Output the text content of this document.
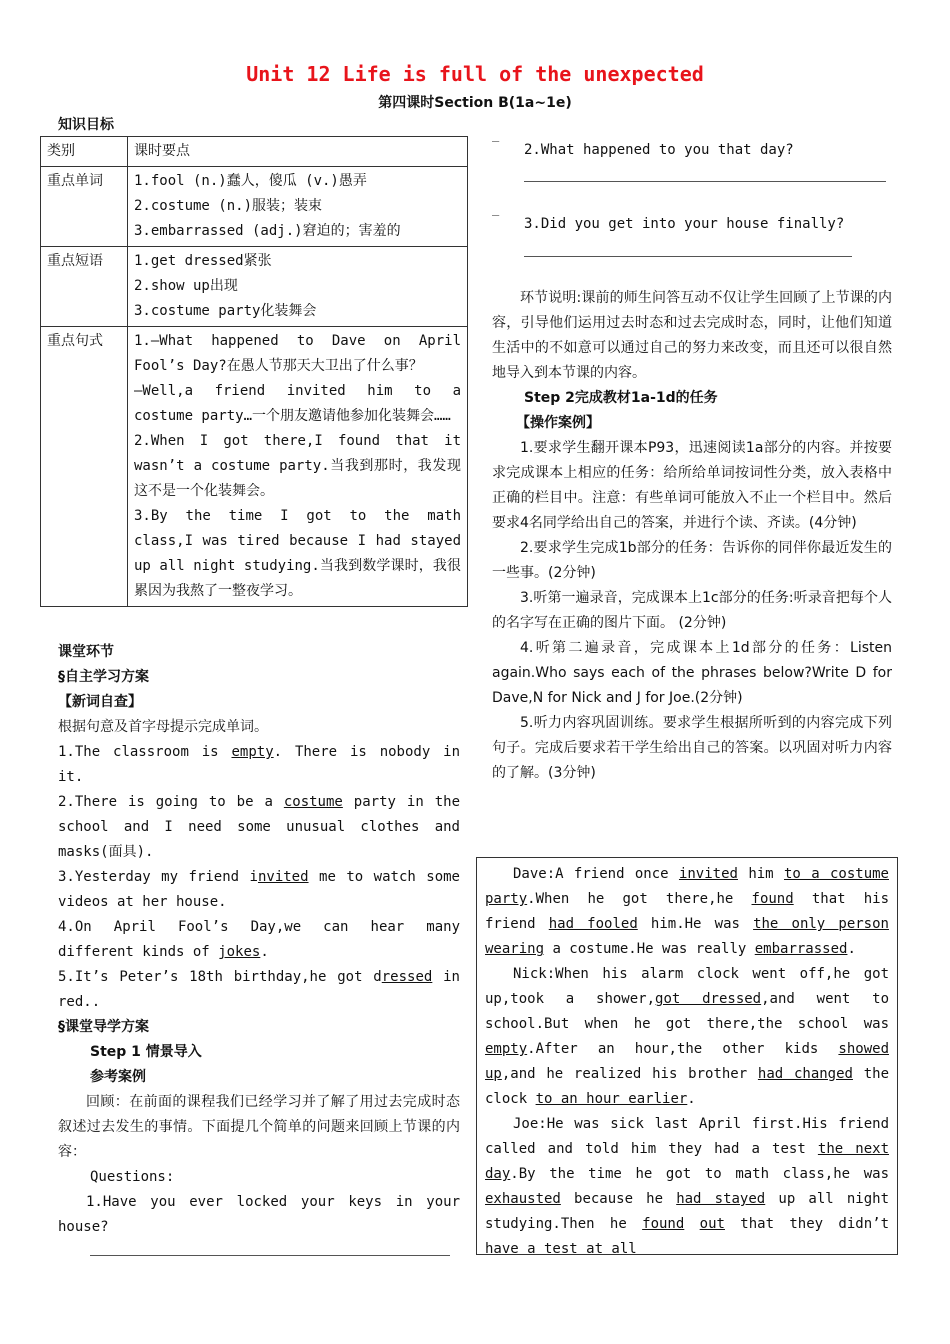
Unit 12 Life is full of the unexpected
第四课时Section B(1a~1e)
知识目标
类别	课时要点
重点单词	1.fool (n.)蠢人，傻瓜 (v.)愚弄
2.costume (n.)服装；装束
3.embarrassed (adj.)窘迫的；害羞的

重点短语	1.get dressed紧张
2.show up出现
3.costume party化装舞会

重点句式	1.—What happened to Dave on April Fool’s Day?在愚人节那天大卫出了什么事？
—Well,a friend invited him to a costume party…一个朋友邀请他参加化装舞会……
2.When I got there,I found that it wasn’t a costume party.当我到那时，我发现这不是一个化装舞会。
3.By the time I got to the math class,I was tired because I had stayed up all night studying.当我到数学课时，我很累因为我熬了一整夜学习。
课堂环节
§自主学习方案
【新词自查】
根据句意及首字母提示完成单词。
1.The classroom is empty. There is nobody in it.
2.There is going to be a costume party in the school and I need some unusual clothes and masks(面具).
3.Yesterday my friend invited me to watch some videos at her house.
4.On April Fool’s Day,we can hear many different kinds of jokes.
5.It’s Peter’s 18th birthday,he got dressed in red..
§课堂导学方案
Step 1 情景导入
参考案例
回顾：在前面的课程我们已经学习并了解了用过去完成时态叙述过去发生的事情。下面提几个简单的问题来回顾上节课的内容：
Questions:
1.Have you ever locked your keys in your house?
_
2.What happened to you that day?
_
3.Did you get into your house finally?
环节说明:课前的师生问答互动不仅让学生回顾了上节课的内容，引导他们运用过去时态和过去完成时态，同时，让他们知道生活中的不如意可以通过自己的努力来改变，而且还可以很自然地导入到本节课的内容。
Step 2完成教材1a-1d的任务
【操作案例】
1.要求学生翻开课本P93，迅速阅读1a部分的内容。并按要求完成课本上相应的任务：给所给单词按词性分类，放入表格中正确的栏目中。注意：有些单词可能放入不止一个栏目中。然后要求4名同学给出自己的答案，并进行个读、齐读。(4分钟)
2.要求学生完成1b部分的任务：告诉你的同伴你最近发生的一些事。(2分钟)
3.听第一遍录音，完成课本上1c部分的任务:听录音把每个人的名字写在正确的图片下面。 (2分钟)
4.听第二遍录音，完成课本上1d部分的任务：Listen again.Who says each of the phrases below?Write D for Dave,N for Nick and J for Joe.(2分钟)
5.听力内容巩固训练。要求学生根据所听到的内容完成下列句子。完成后要求若干学生给出自己的答案。以巩固对听力内容的了解。(3分钟)

Dave:A friend once invited him to a costume party.When he got there,he found that his friend had fooled him.He was the only person wearing a costume.He was really embarrassed.

Nick:When his alarm clock went off,he got up,took a shower,got dressed,and went to school.But when he got there,the school was empty.After an hour,the other kids showed up,and he realized his brother had changed the clock to an hour earlier.

Joe:He was sick last April first.His friend called and told him they had a test the next day.By the time he got to math class,he was exhausted because he had stayed up all night studying.Then he found out that they didn’t have a test at all
